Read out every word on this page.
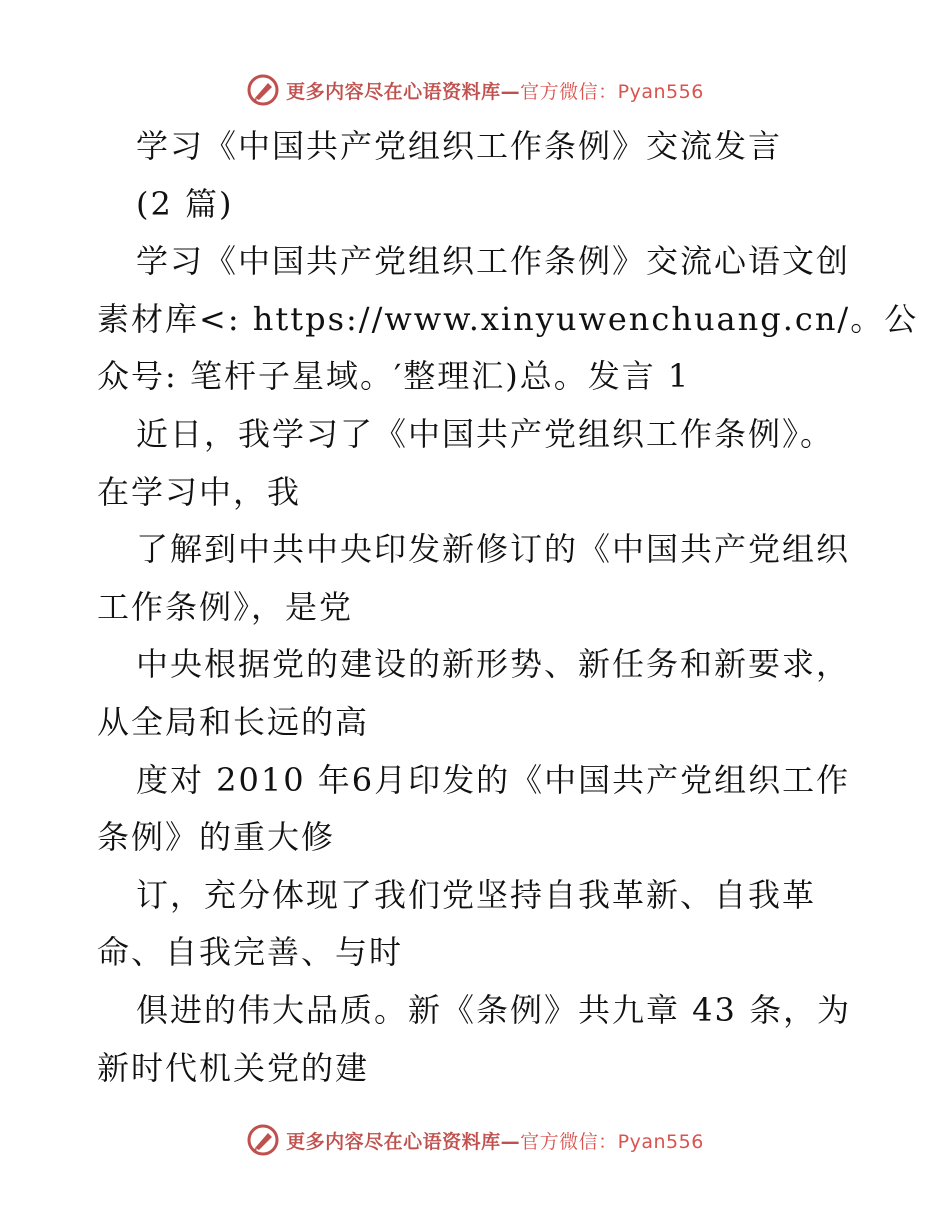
更多内容尽在心语资料库—官方微信：Pyan556
学习《中国共产党组织工作条例》交流发言
(2 篇)
学习《中国共产党组织工作条例》交流心语文创
素材库<: https://www.xinyuwenchuang.cn/。公
众号: 笔杆子星域。′整理汇)总。发言 1
近日，我学习了《中国共产党组织工作条例》。
在学习中，我
了解到中共中央印发新修订的《中国共产党组织
工作条例》，是党
中央根据党的建设的新形势、新任务和新要求，
从全局和长远的高
度对 2010 年6月印发的《中国共产党组织工作
条例》的重大修
订，充分体现了我们党坚持自我革新、自我革
命、自我完善、与时
俱进的伟大品质。新《条例》共九章 43 条，为
新时代机关党的建
更多内容尽在心语资料库—官方微信：Pyan556
